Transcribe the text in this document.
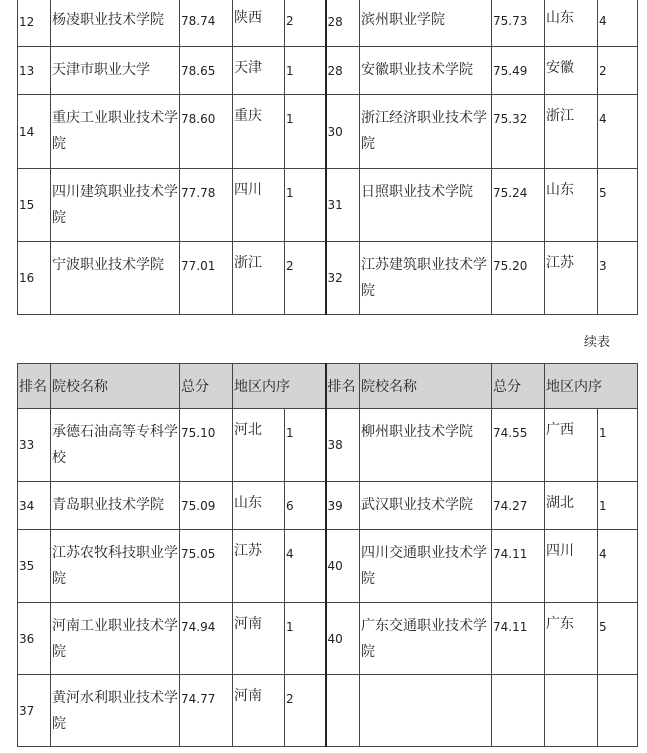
12	杨凌职业技术学院	78.74	陕西	2	28	滨州职业学院	75.73	山东	4
13	天津市职业大学	78.65	天津	1	28	安徽职业技术学院	75.49	安徽	2
14	重庆工业职业技术学院	78.60	重庆	1	30	浙江经济职业技术学院	75.32	浙江	4
15	四川建筑职业技术学院	77.78	四川	1	31	日照职业技术学院	75.24	山东	5
16	宁波职业技术学院	77.01	浙江	2	32	江苏建筑职业技术学院	75.20	江苏	3
续表
排名	院校名称	总分	地区内序		排名	院校名称	总分	地区内序	
33	承德石油高等专科学校	75.10	河北	1	38	柳州职业技术学院	74.55	广西	1
34	青岛职业技术学院	75.09	山东	6	39	武汉职业技术学院	74.27	湖北	1
35	江苏农牧科技职业学院	75.05	江苏	4	40	四川交通职业技术学院	74.11	四川	4
36	河南工业职业技术学院	74.94	河南	1	40	广东交通职业技术学院	74.11	广东	5
37	黄河水利职业技术学院	74.77	河南	2					
